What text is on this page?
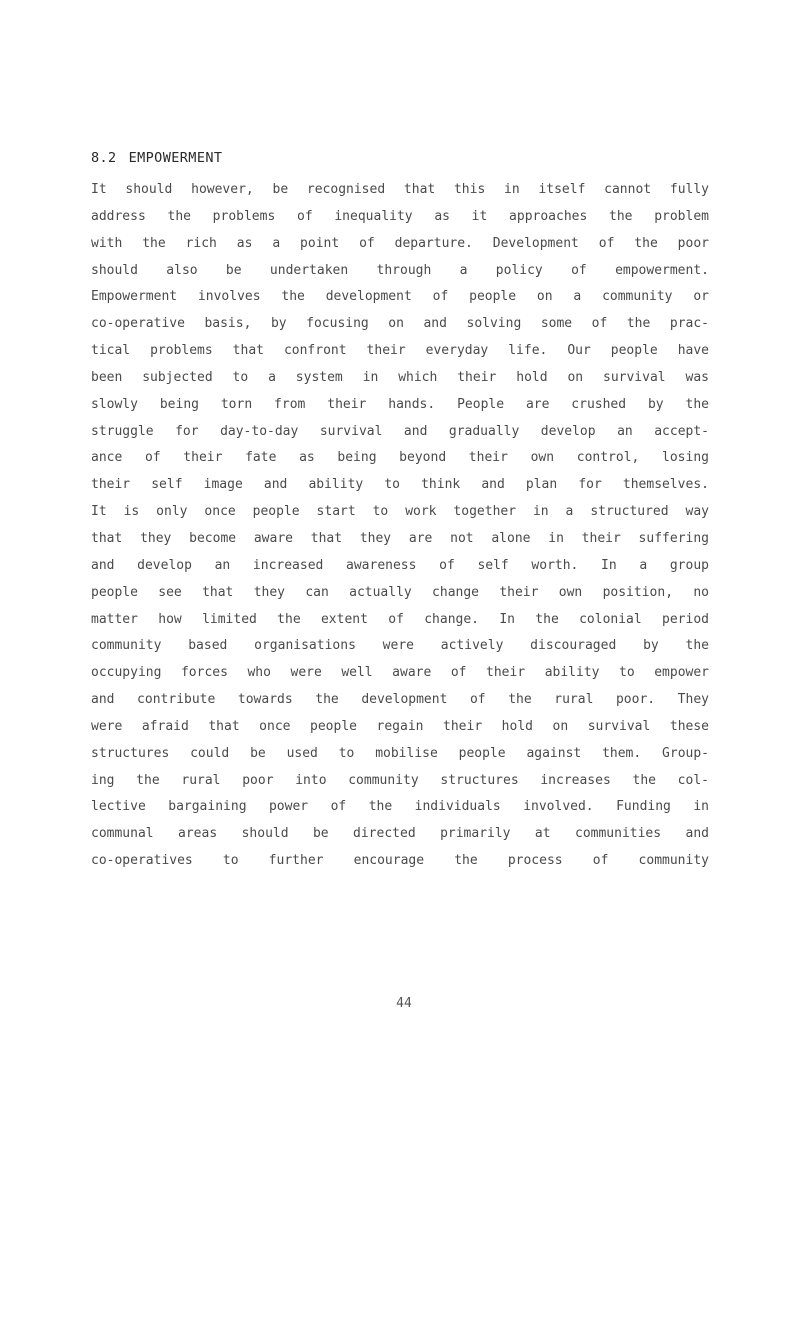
8.2 EMPOWERMENT
It should however, be recognised that this in itself cannot fully
address the problems of inequality as it approaches the problem
with the rich as a point of departure. Development of the poor
should also be undertaken through a policy of empowerment.
Empowerment involves the development of people on a community or
co-operative basis, by focusing on and solving some of the prac-
tical problems that confront their everyday life. Our people have
been subjected to a system in which their hold on survival was
slowly being torn from their hands. People are crushed by the
struggle for day-to-day survival and gradually develop an accept-
ance of their fate as being beyond their own control, losing
their self image and ability to think and plan for themselves.
It is only once people start to work together in a structured way
that they become aware that they are not alone in their suffering
and develop an increased awareness of self worth. In a group
people see that they can actually change their own position, no
matter how limited the extent of change. In the colonial period
community based organisations were actively discouraged by the
occupying forces who were well aware of their ability to empower
and contribute towards the development of the rural poor. They
were afraid that once people regain their hold on survival these
structures could be used to mobilise people against them. Group-
ing the rural poor into community structures increases the col-
lective bargaining power of the individuals involved. Funding in
communal areas should be directed primarily at communities and
co-operatives to further encourage the process of community
44
